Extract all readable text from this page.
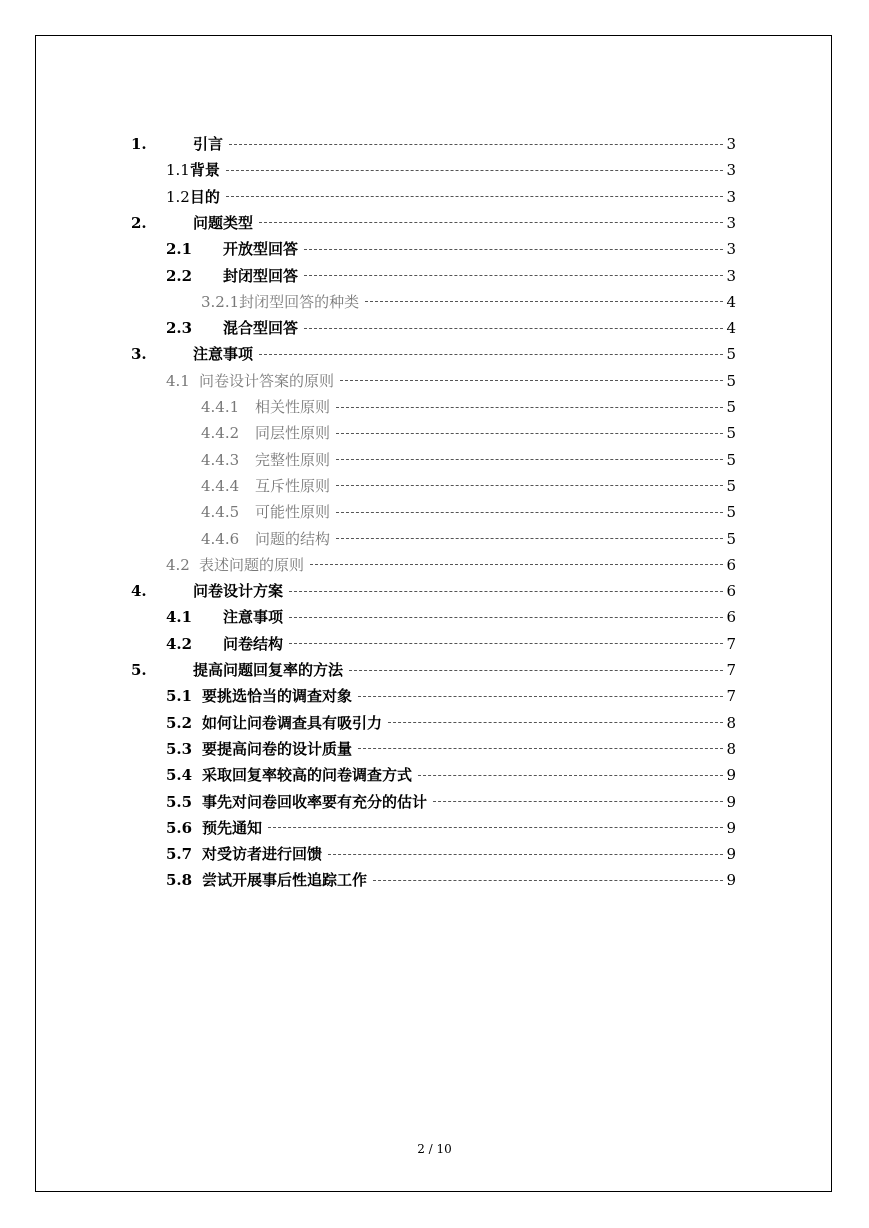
1.	引言	3
1.1 背景	3
1.2 目的	3
2.	问题类型	3
2.1	开放型回答	3
2.2	封闭型回答	3
3.2.1 封闭型回答的种类	4
2.3	混合型回答	4
3.	注意事项	5
4.1 问卷设计答案的原则	5
4.4.1	相关性原则	5
4.4.2	同层性原则	5
4.4.3	完整性原则	5
4.4.4	互斥性原则	5
4.4.5	可能性原则	5
4.4.6	问题的结构	5
4.2 表述问题的原则	6
4.	问卷设计方案	6
4.1	注意事项	6
4.2	问卷结构	7
5.	提高问题回复率的方法	7
5.1 要挑选恰当的调查对象	7
5.2 如何让问卷调查具有吸引力	8
5.3 要提高问卷的设计质量	8
5.4 采取回复率较高的问卷调查方式	9
5.5 事先对问卷回收率要有充分的估计	9
5.6 预先通知	9
5.7 对受访者进行回馈	9
5.8 尝试开展事后性追踪工作	9
2 / 10
